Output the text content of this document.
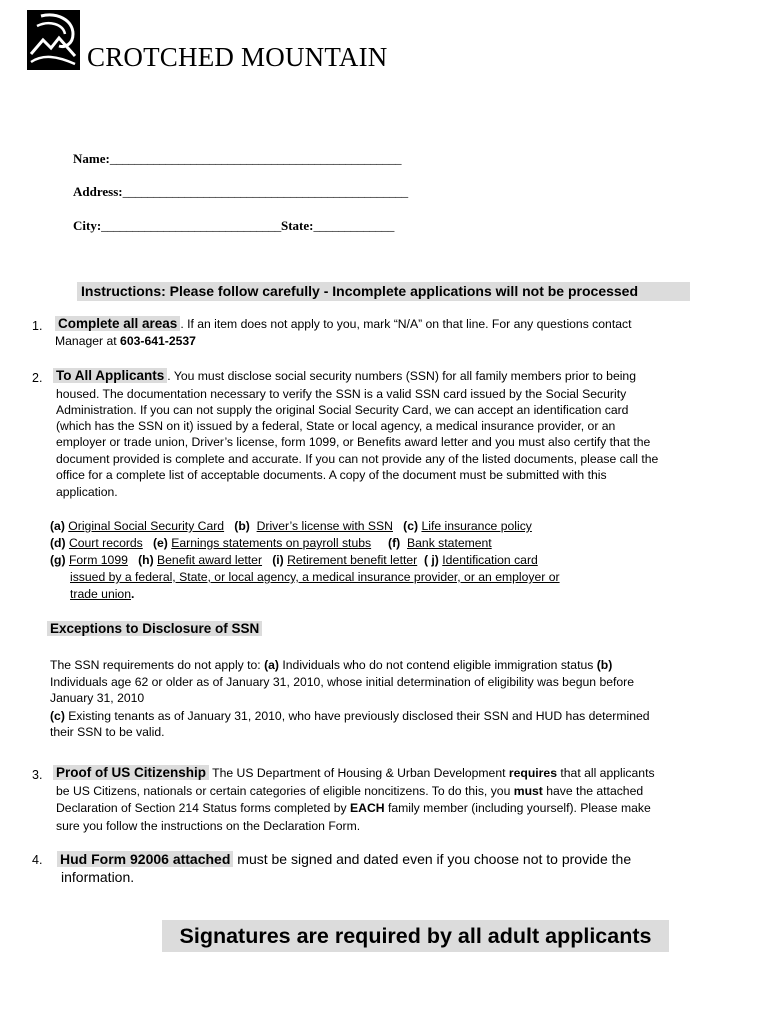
CROTCHED MOUNTAIN
Name:_______________________________________________
Address:______________________________________________
City:_____________________________State:_____________
Instructions: Please follow carefully - Incomplete applications will not be processed
1. Complete all areas . If an item does not apply to you, mark “N/A” on that line. For any questions contact
Manager at 603-641-2537
2. To All Applicants . You must disclose social security numbers (SSN) for all family members prior to being
housed. The documentation necessary to verify the SSN is a valid SSN card issued by the Social Security
Administration. If you can not supply the original Social Security Card, we can accept an identification card
(which has the SSN on it) issued by a federal, State or local agency, a medical insurance provider, or an
employer or trade union, Driver’s license, form 1099, or Benefits award letter and you must also certify that the
document provided is complete and accurate. If you can not provide any of the listed documents, please call the
office for a complete list of acceptable documents. A copy of the document must be submitted with this
application.
(a) Original Social Security Card (b) Driver’s license with SSN (c) Life insurance policy
(d) Court records (e) Earnings statements on payroll stubs (f) Bank statement
(g) Form 1099 (h) Benefit award letter (i) Retirement benefit letter ( j) Identification card
issued by a federal, State, or local agency, a medical insurance provider, or an employer or
trade union.
Exceptions to Disclosure of SSN
The SSN requirements do not apply to: (a) Individuals who do not contend eligible immigration status (b)
Individuals age 62 or older as of January 31, 2010, whose initial determination of eligibility was begun before
January 31, 2010
(c) Existing tenants as of January 31, 2010, who have previously disclosed their SSN and HUD has determined
their SSN to be valid.
3. Proof of US Citizenship The US Department of Housing & Urban Development requires that all applicants
be US Citizens, nationals or certain categories of eligible noncitizens. To do this, you must have the attached
Declaration of Section 214 Status forms completed by EACH family member (including yourself). Please make
sure you follow the instructions on the Declaration Form.
4. Hud Form 92006 attached must be signed and dated even if you choose not to provide the
information.
Signatures are required by all adult applicants
